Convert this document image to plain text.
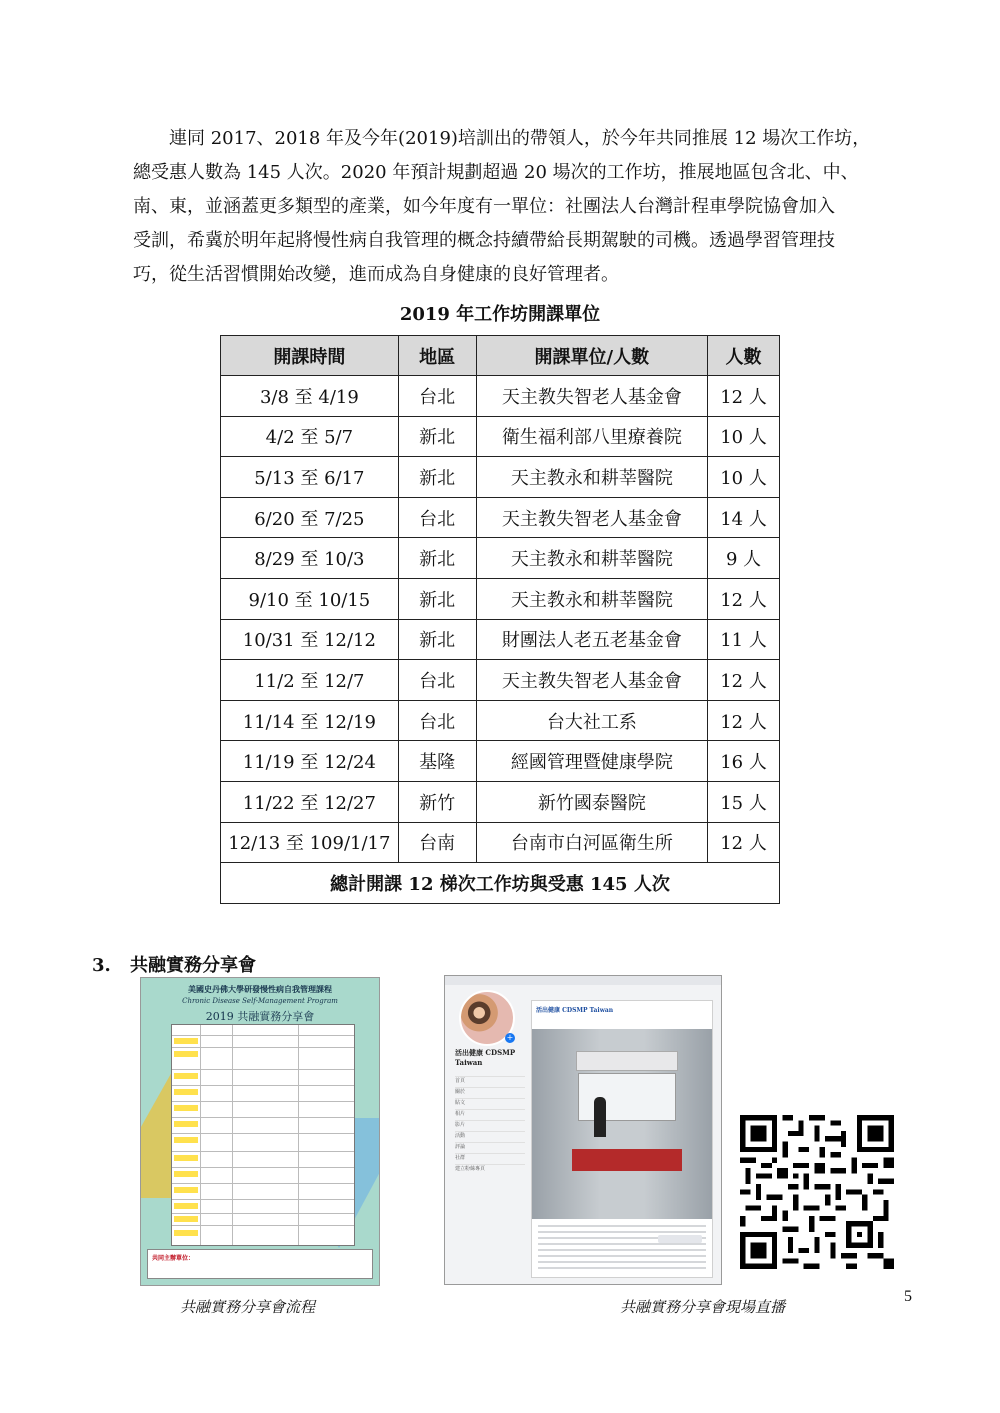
連同 2017、2018 年及今年(2019)培訓出的帶領人，於今年共同推展 12 場次工作坊，
總受惠人數為 145 人次。2020 年預計規劃超過 20 場次的工作坊，推展地區包含北、中、
南、東，並涵蓋更多類型的產業，如今年度有一單位：社團法人台灣計程車學院協會加入
受訓，希冀於明年起將慢性病自我管理的概念持續帶給長期駕駛的司機。透過學習管理技
巧，從生活習慣開始改變，進而成為自身健康的良好管理者。
2019 年工作坊開課單位
開課時間	地區	開課單位/人數	人數
3/8 至 4/19	台北	天主教失智老人基金會	12 人
4/2 至 5/7	新北	衛生福利部八里療養院	10 人
5/13 至 6/17	新北	天主教永和耕莘醫院	10 人
6/20 至 7/25	台北	天主教失智老人基金會	14 人
8/29 至 10/3	新北	天主教永和耕莘醫院	9 人
9/10 至 10/15	新北	天主教永和耕莘醫院	12 人
10/31 至 12/12	新北	財團法人老五老基金會	11 人
11/2 至 12/7	台北	天主教失智老人基金會	12 人
11/14 至 12/19	台北	台大社工系	12 人
11/19 至 12/24	基隆	經國管理暨健康學院	16 人
11/22 至 12/27	新竹	新竹國泰醫院	15 人
12/13 至 109/1/17	台南	台南市白河區衛生所	12 人
總計開課 12 梯次工作坊與受惠 145 人次			
3. 共融實務分享會
美國史丹佛大學研發慢性病自我管理課程
Chronic Disease Self-Management Program
2019 共融實務分享會
共同主辦單位：
+
活出健康 CDSMP Taiwan
首頁
關於
貼文
相片
影片
活動
評論
社群
建立粉絲專頁
活出健康 CDSMP Taiwan
共融實務分享會流程	共融實務分享會現場直播
5
